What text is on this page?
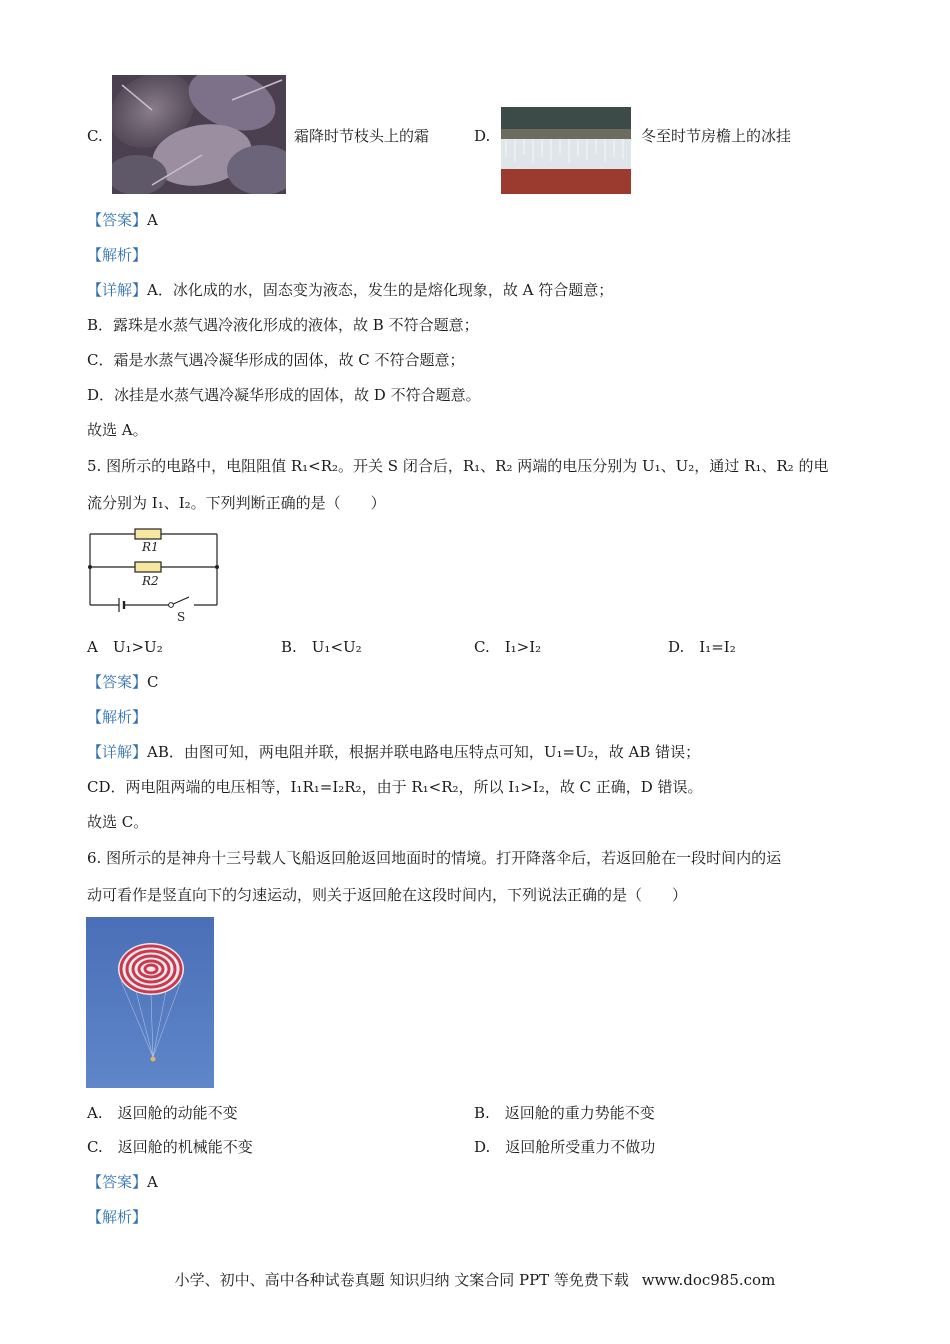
C.	霜降时节枝头上的霜	D.	冬至时节房檐上的冰挂
【答案】A
【解析】
【详解】A．冰化成的水，固态变为液态，发生的是熔化现象，故 A 符合题意；
B．露珠是水蒸气遇冷液化形成的液体，故 B 不符合题意；
C．霜是水蒸气遇冷凝华形成的固体，故 C 不符合题意；
D．冰挂是水蒸气遇冷凝华形成的固体，故 D 不符合题意。
故选 A。
5. 图所示的电路中，电阻阻值 R₁<R₂。开关 S 闭合后，R₁、R₂ 两端的电压分别为 U₁、U₂，通过 R₁、R₂ 的电
流分别为 I₁、I₂。下列判断正确的是（　　）
R1
R2
S
A　U₁>U₂	B.　U₁<U₂	C.　I₁>I₂	D.　I₁=I₂
【答案】C
【解析】
【详解】AB．由图可知，两电阻并联，根据并联电路电压特点可知，U₁=U₂，故 AB 错误；
CD．两电阻两端的电压相等，I₁R₁=I₂R₂，由于 R₁<R₂，所以 I₁>I₂，故 C 正确，D 错误。
故选 C。
6. 图所示的是神舟十三号载人飞船返回舱返回地面时的情境。打开降落伞后，若返回舱在一段时间内的运
动可看作是竖直向下的匀速运动，则关于返回舱在这段时间内，下列说法正确的是（　　）
A.　返回舱的动能不变	B.　返回舱的重力势能不变
C.　返回舱的机械能不变	D.　返回舱所受重力不做功
【答案】A
【解析】
小学、初中、高中各种试卷真题 知识归纳 文案合同 PPT 等免费下载 www.doc985.com
